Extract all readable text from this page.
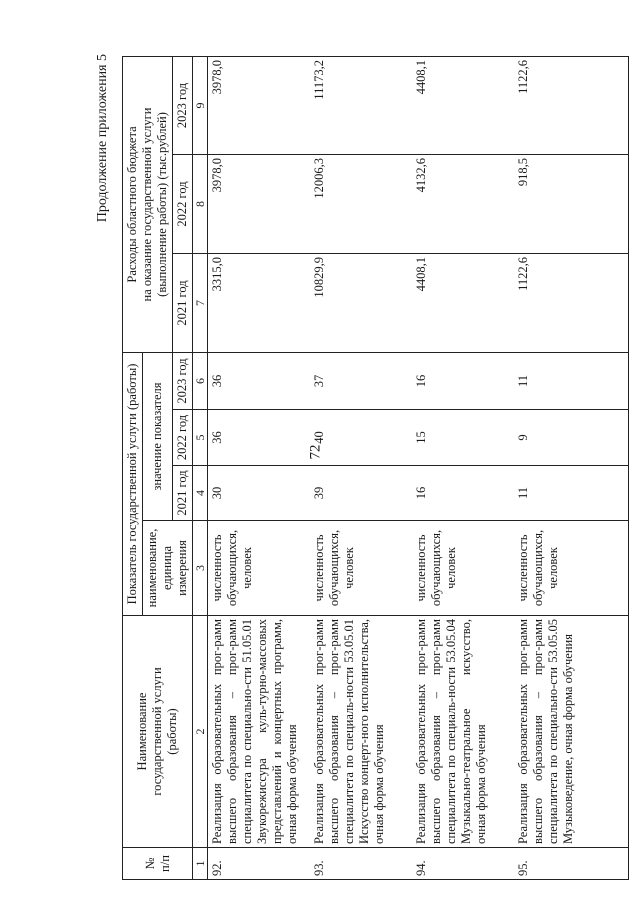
72
Продолжение приложения 5
№
п/п	Наименование
государственной услуги
(работы)	Показатель государственной услуги (работы)				Расходы областного бюджета
на оказание государственной услуги
(выполнение работы) (тыс.рублей)		
		наименование,
единица
измерения	значение показателя					
			2021 год	2022 год	2023 год	2021 год	2022 год	2023 год
1	2	3	4	5	6	7	8	9
92.	Реализация образовательных прог-рамм высшего образования – прог-рамм специалитета по специально-сти 51.05.01 Звукорежиссура куль-турно-массовых представлений и концертных программ, очная форма обучения	численность обучающихся, человек	30	36	36	3315,0	3978,0	3978,0
93.	Реализация образовательных прог-рамм высшего образования – прог-рамм специалитета по специаль-ности 53.05.01 Искусство концерт-ного исполнительства, очная форма обучения	численность обучающихся, человек	39	40	37	10829,9	12006,3	11173,2
94.	Реализация образовательных прог-рамм высшего образования – прог-рамм специалитета по специаль-ности 53.05.04 Музыкально-театральное искусство, очная форма обучения	численность обучающихся, человек	16	15	16	4408,1	4132,6	4408,1
95.	Реализация образовательных прог-рамм высшего образования – прог-рамм специалитета по специально-сти 53.05.05 Музыковедение, очная форма обучения	численность обучающихся, человек	11	9	11	1122,6	918,5	1122,6
